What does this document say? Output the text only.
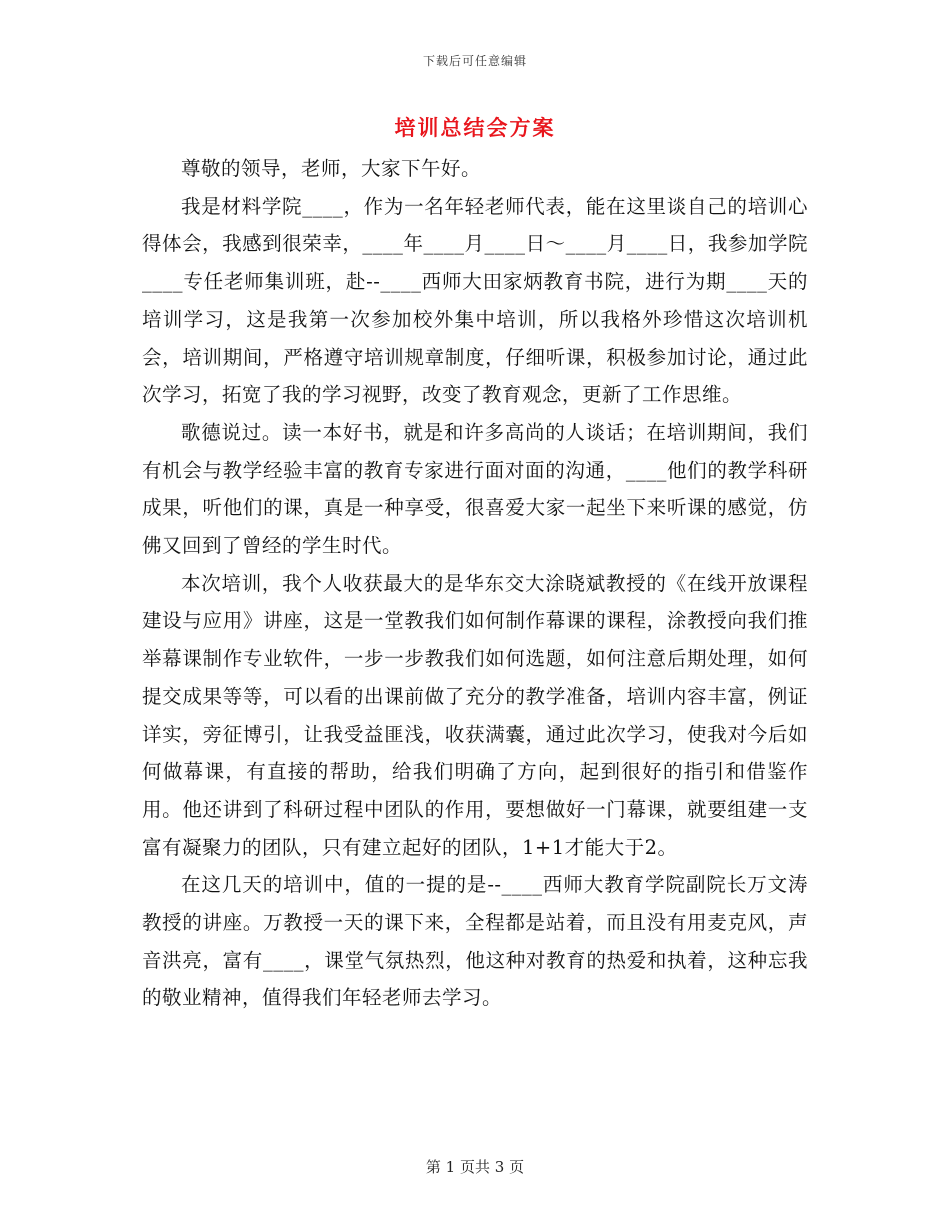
下载后可任意编辑
培训总结会方案

尊敬的领导，老师，大家下午好。

我是材料学院____，作为一名年轻老师代表，能在这里谈自己的培训心得体会，我感到很荣幸，____年____月____日～____月____日，我参加学院____专任老师集训班，赴--____西师大田家炳教育书院，进行为期____天的培训学习，这是我第一次参加校外集中培训，所以我格外珍惜这次培训机会，培训期间，严格遵守培训规章制度，仔细听课，积极参加讨论，通过此次学习，拓宽了我的学习视野，改变了教育观念，更新了工作思维。

歌德说过。读一本好书，就是和许多高尚的人谈话；在培训期间，我们有机会与教学经验丰富的教育专家进行面对面的沟通，____他们的教学科研成果，听他们的课，真是一种享受，很喜爱大家一起坐下来听课的感觉，仿佛又回到了曾经的学生时代。

本次培训，我个人收获最大的是华东交大涂晓斌教授的《在线开放课程建设与应用》讲座，这是一堂教我们如何制作幕课的课程，涂教授向我们推举幕课制作专业软件，一步一步教我们如何选题，如何注意后期处理，如何提交成果等等，可以看的出课前做了充分的教学准备，培训内容丰富，例证详实，旁征博引，让我受益匪浅，收获满囊，通过此次学习，使我对今后如何做幕课，有直接的帮助，给我们明确了方向，起到很好的指引和借鉴作用。他还讲到了科研过程中团队的作用，要想做好一门幕课，就要组建一支富有凝聚力的团队，只有建立起好的团队，1+1才能大于2。

在这几天的培训中，值的一提的是--____西师大教育学院副院长万文涛教授的讲座。万教授一天的课下来，全程都是站着，而且没有用麦克风，声音洪亮，富有____，课堂气氛热烈，他这种对教育的热爱和执着，这种忘我的敬业精神，值得我们年轻老师去学习。

第 1 页共 3 页
